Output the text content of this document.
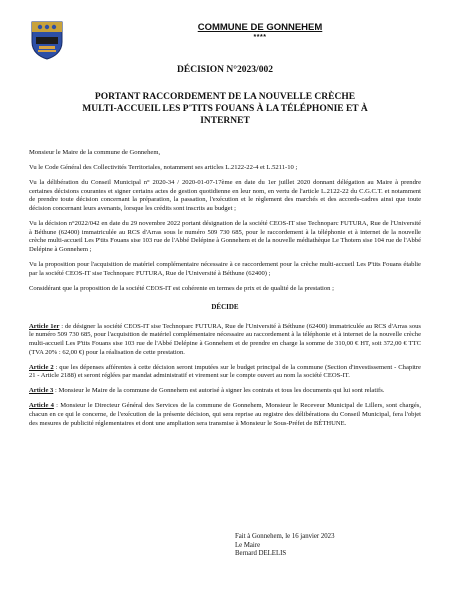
COMMUNE DE GONNEHEM
****
DÉCISION N°2023/002
PORTANT RACCORDEMENT DE LA NOUVELLE CRÈCHE
MULTI-ACCUEIL LES P'TITS FOUANS À LA TÉLÉPHONIE ET À
INTERNET

Monsieur le Maire de la commune de Gonnehem,

Vu le Code Général des Collectivités Territoriales, notamment ses articles L.2122-22-4 et L.5211-10 ;

Vu la délibération du Conseil Municipal n° 2020-34 / 2020-01-07-17ème en date du 1er juillet 2020 donnant délégation au Maire à prendre certaines décisions courantes et signer certains actes de gestion quotidienne en leur nom, en vertu de l'article L.2122-22 du C.G.C.T. et notamment de prendre toute décision concernant la préparation, la passation, l'exécution et le règlement des marchés et des accords-cadres ainsi que toute décision concernant leurs avenants, lorsque les crédits sont inscrits au budget ;

Vu la décision n°2022/042 en date du 29 novembre 2022 portant désignation de la société CEOS-IT sise Technoparc FUTURA, Rue de l'Université à Béthune (62400) immatriculée au RCS d'Arras sous le numéro 509 730 685, pour le raccordement à la téléphonie et à internet de la nouvelle crèche multi-accueil Les P'tits Fouans sise 103 rue de l'Abbé Delépine à Gonnehem et de la nouvelle médiathèque Le Thotem sise 104 rue de l'Abbé Delépine à Gonnehem ;

Vu la proposition pour l'acquisition de matériel complémentaire nécessaire à ce raccordement pour la crèche multi-accueil Les P'tits Fouans établie par la société CEOS-IT sise Technoparc FUTURA, Rue de l'Université à Béthune (62400) ;

Considérant que la proposition de la société CEOS-IT est cohérente en termes de prix et de qualité de la prestation ;

DÉCIDE

Article 1er : de désigner la société CEOS-IT sise Technoparc FUTURA, Rue de l'Université à Béthune (62400) immatriculée au RCS d'Arras sous le numéro 509 730 685, pour l'acquisition de matériel complémentaire nécessaire au raccordement à la téléphonie et à internet de la nouvelle crèche multi-accueil Les P'tits Fouans sise 103 rue de l'Abbé Delépine à Gonnehem et de prendre en charge la somme de 310,00 € HT, soit 372,00 € TTC (TVA 20% : 62,00 €) pour la réalisation de cette prestation.

Article 2 : que les dépenses afférentes à cette décision seront imputées sur le budget principal de la commune (Section d'investissement - Chapitre 21 - Article 2188) et seront réglées par mandat administratif et virement sur le compte ouvert au nom la société CEOS-IT.

Article 3 : Monsieur le Maire de la commune de Gonnehem est autorisé à signer les contrats et tous les documents qui lui sont relatifs.

Article 4 : Monsieur le Directeur Général des Services de la commune de Gonnehem, Monsieur le Receveur Municipal de Lillers, sont chargés, chacun en ce qui le concerne, de l'exécution de la présente décision, qui sera reprise au registre des délibérations du Conseil Municipal, fera l'objet des mesures de publicité réglementaires et dont une ampliation sera transmise à Monsieur le Sous-Préfet de BÉTHUNE.

Fait à Gonnehem, le 16 janvier 2023
Le Maire
Bernard DELELIS
